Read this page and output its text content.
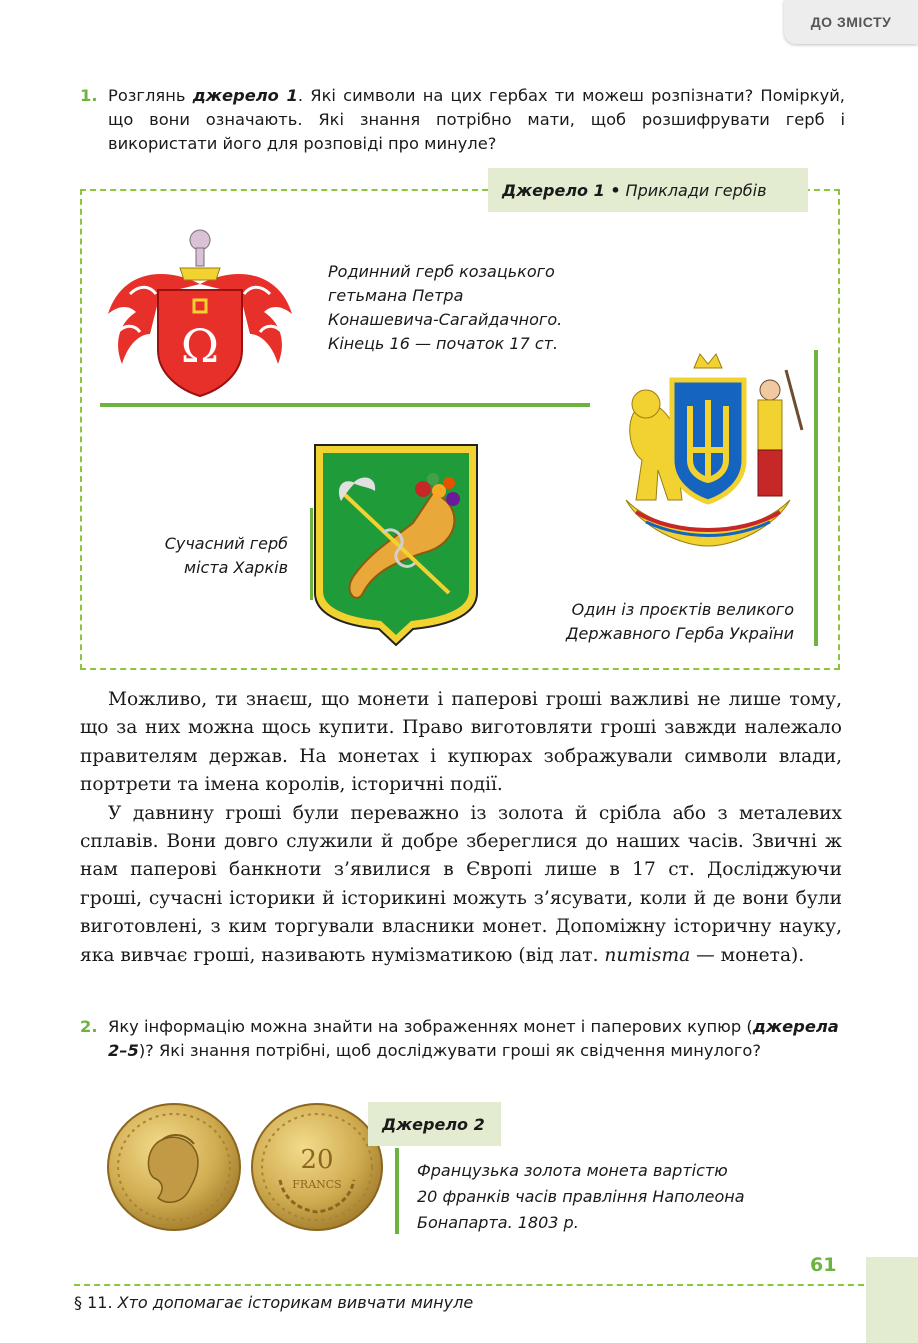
ДО ЗМІСТУ
1. Розглянь джерело 1. Які символи на цих гербах ти можеш розпізнати? Поміркуй, що вони означають. Які знання потрібно мати, щоб розшифрувати герб і використати його для розповіді про минуле?
Джерело 1 • Приклади гербів
Ω
Родинний герб козацького
гетьмана Петра
Конашевича-Сагайдачного.
Кінець 16 — початок 17 ст.
Сучасний герб
міста Харків
Один із проєктів великого
Державного Герба України

Можливо, ти знаєш, що монети і паперові гроші важливі не лише тому, що за них можна щось купити. Право виготовляти гроші завжди належало правителям держав. На монетах і купюрах зображували символи влади, портрети та імена королів, історичні події.

У давнину гроші були переважно із золота й срібла або з металевих сплавів. Вони довго служили й добре збереглися до наших часів. Звичні ж нам паперові банкноти з’явилися в Європі лише в 17 ст. Досліджуючи гроші, сучасні історики й історикині можуть з’ясувати, коли й де вони були виготовлені, з ким торгували власники монет. Допоміжну історичну науку, яка вивчає гроші, називають нумізматикою (від лат. numisma — монета).

2. Яку інформацію можна знайти на зображеннях монет і паперових купюр (джерела 2–5)? Які знання потрібні, щоб досліджувати гроші як свідчення минулого?
20
FRANCS
Джерело 2
Французька золота монета вартістю
20 франків часів правління Наполеона
Бонапарта. 1803 р.
61
§ 11. Хто допомагає історикам вивчати минуле
